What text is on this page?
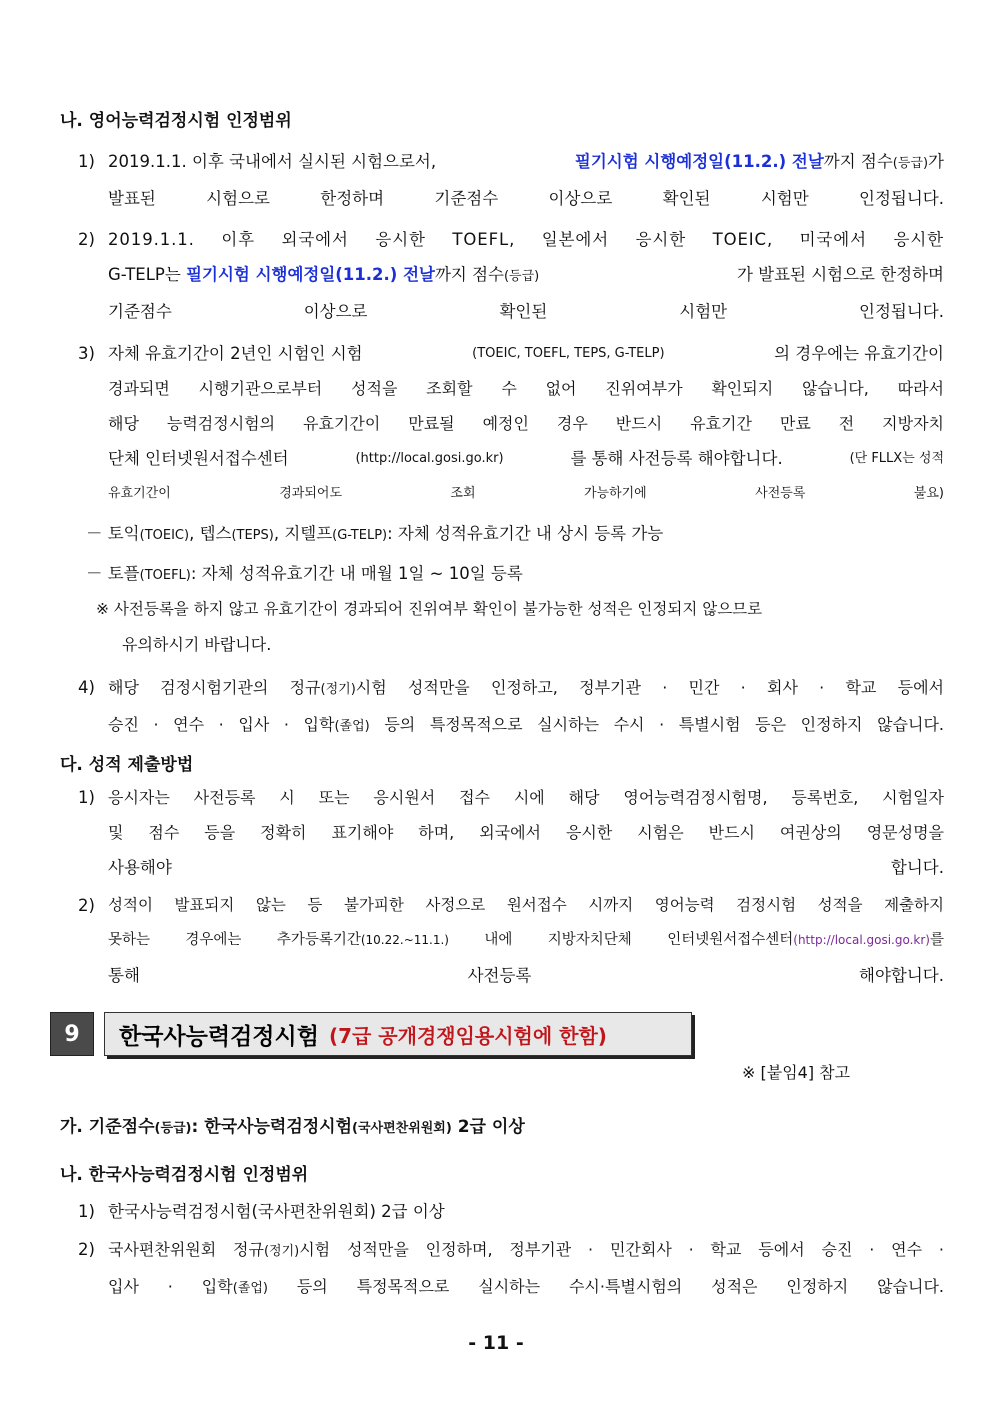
나. 영어능력검정시험 인정범위
1) 2019.1.1. 이후 국내에서 실시된 시험으로서,	필기시험 시행예정일(11.2.) 전날까지 점수(등급)가
발표된 시험으로 한정하며 기준점수 이상으로 확인된 시험만 인정됩니다.
2) 2019.1.1. 이후 외국에서 응시한 TOEFL, 일본에서 응시한 TOEIC, 미국에서 응시한
G-TELP는 필기시험 시행예정일(11.2.) 전날까지 점수(등급)	가 발표된 시험으로 한정하며
기준점수 이상으로 확인된 시험만 인정됩니다.
3) 자체 유효기간이 2년인 시험인 시험	(TOEIC, TOEFL, TEPS, G-TELP)	의 경우에는 유효기간이
경과되면 시행기관으로부터 성적을 조회할 수 없어 진위여부가 확인되지 않습니다, 따라서
해당 능력검정시험의 유효기간이 만료될 예정인 경우 반드시 유효기간 만료 전 지방자치
단체 인터넷원서접수센터	(http://local.gosi.go.kr)	를 통해 사전등록 해야합니다.	(단 FLLX는 성적
유효기간이 경과되어도 조회 가능하기에 사전등록 불요)
－ 토익(TOEIC), 텝스(TEPS), 지텔프(G-TELP): 자체 성적유효기간 내 상시 등록 가능
－ 토플(TOEFL): 자체 성적유효기간 내 매월 1일 ~ 10일 등록
※ 사전등록을 하지 않고 유효기간이 경과되어 진위여부 확인이 불가능한 성적은 인정되지 않으므로
유의하시기 바랍니다.
4) 해당 검정시험기관의 정규(정기)시험 성적만을 인정하고, 정부기관 · 민간 · 회사 · 학교 등에서
승진 · 연수 · 입사 · 입학(졸업) 등의 특정목적으로 실시하는 수시 · 특별시험 등은 인정하지 않습니다.
다. 성적 제출방법
1) 응시자는 사전등록 시 또는 응시원서 접수 시에 해당 영어능력검정시험명, 등록번호, 시험일자
및 점수 등을 정확히 표기해야 하며, 외국에서 응시한 시험은 반드시 여권상의 영문성명을
사용해야 합니다.
2) 성적이 발표되지 않는 등 불가피한 사정으로 원서접수 시까지 영어능력 검정시험 성적을 제출하지
못하는 경우에는 추가등록기간(10.22.~11.1.) 내에 지방자치단체 인터넷원서접수센터(http://local.gosi.go.kr)를
통해 사전등록 해야합니다.
9	한국사능력검정시험 (7급 공개경쟁임용시험에 한함)
※ [붙임4] 참고
가. 기준점수(등급): 한국사능력검정시험(국사편찬위원회) 2급 이상
나. 한국사능력검정시험 인정범위
1) 한국사능력검정시험(국사편찬위원회) 2급 이상
2) 국사편찬위원회 정규(정기)시험 성적만을 인정하며, 정부기관 · 민간회사 · 학교 등에서 승진 · 연수 ·
입사 · 입학(졸업) 등의 특정목적으로 실시하는 수시·특별시험의 성적은 인정하지 않습니다.
- 11 -
